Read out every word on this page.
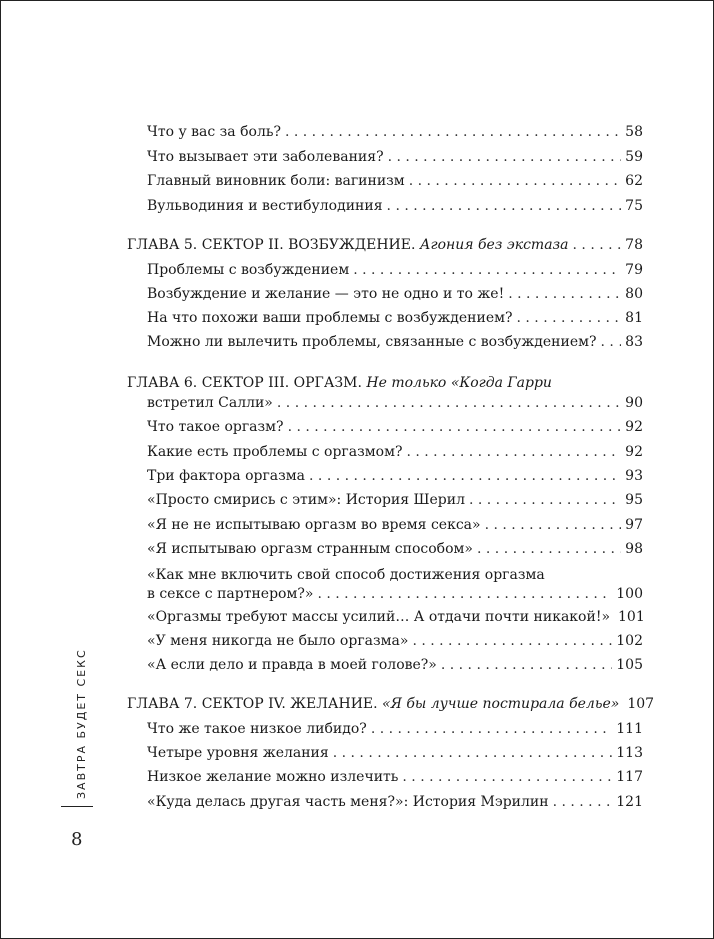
Что у вас за боль? . . .	58
Что вызывает эти заболевания? . . .	59
Главный виновник боли: вагинизм . . .	62
Вульводиния и вестибулодиния . . .	75
ГЛАВА 5. СЕКТОР II. ВОЗБУЖДЕНИЕ. Агония без экстаза . . .	78
Проблемы с возбуждением . . .	79
Возбуждение и желание — это не одно и то же! . . .	80
На что похожи ваши проблемы с возбуждением? . . .	81
Можно ли вылечить проблемы, связанные с возбуждением? . . . 83
ГЛАВА 6. СЕКТОР III. ОРГАЗМ. Не только «Когда Гарри
встретил Салли» . . .	90
Что такое оргазм? . . .	92
Какие есть проблемы с оргазмом? . . .	92
Три фактора оргазма . . .	93
«Просто смирись с этим»: История Шерил . . .	95
«Я не не испытываю оргазм во время секса» . . .	97
«Я испытываю оргазм странным способом» . . .	98
«Как мне включить свой способ достижения оргазма
в сексе с партнером?» . . .	100
«Оргазмы требуют массы усилий… А отдачи почти никакой!» 101
«У меня никогда не было оргазма» . . .	102
«А если дело и правда в моей голове?» . . .	105
ГЛАВА 7. СЕКТОР IV. ЖЕЛАНИЕ. «Я бы лучше постирала белье» 107
Что же такое низкое либидо? . . .	111
Четыре уровня желания . . .	113
Низкое желание можно излечить . . .	117
«Куда делась другая часть меня?»: История Мэрилин . . .	121
ЗАВТРА БУДЕТ СЕКС
8
